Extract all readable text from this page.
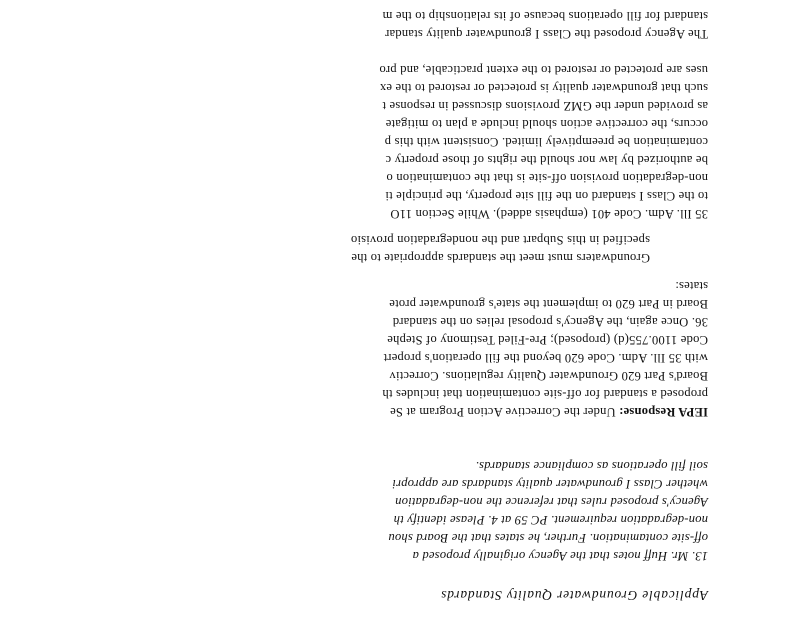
Applicable Groundwater Quality Standards
13. Mr. Huff notes that the Agency originally proposed a
off-site contamination. Further, he states that the Board shou
non-degradation requirement. PC 59 at 4. Please identify th
Agency's proposed rules that reference the non-degradation
whether Class I groundwater quality standards are appropri
soil fill operations as compliance standards.
IEPA Response: Under the Corrective Action Program at Se
proposed a standard for off-site contamination that includes th
Board's Part 620 Groundwater Quality regulations. Correctiv
with 35 Ill. Adm. Code 620 beyond the fill operation's propert
Code 1100.755(d) (proposed); Pre-Filed Testimony of Stephe
36. Once again, the Agency's proposal relies on the standard
Board in Part 620 to implement the state's groundwater prote
states:
Groundwaters must meet the standards appropriate to the
specified in this Subpart and the nondegradation provisio
35 Ill. Adm. Code 401 (emphasis added). While Section 11O
to the Class I standard on the fill site property, the principle ti
non-degradation provision off-site is that the contamination o
be authorized by law nor should the rights of those property c
contamination be preemptively limited. Consistent with this p
occurs, the corrective action should include a plan to mitigate
as provided under the GMZ provisions discussed in response t
such that groundwater quality is protected or restored to the ex
uses are protected or restored to the extent practicable, and pro
The Agency proposed the Class I groundwater quality standar
standard for fill operations because of its relationship to the m
